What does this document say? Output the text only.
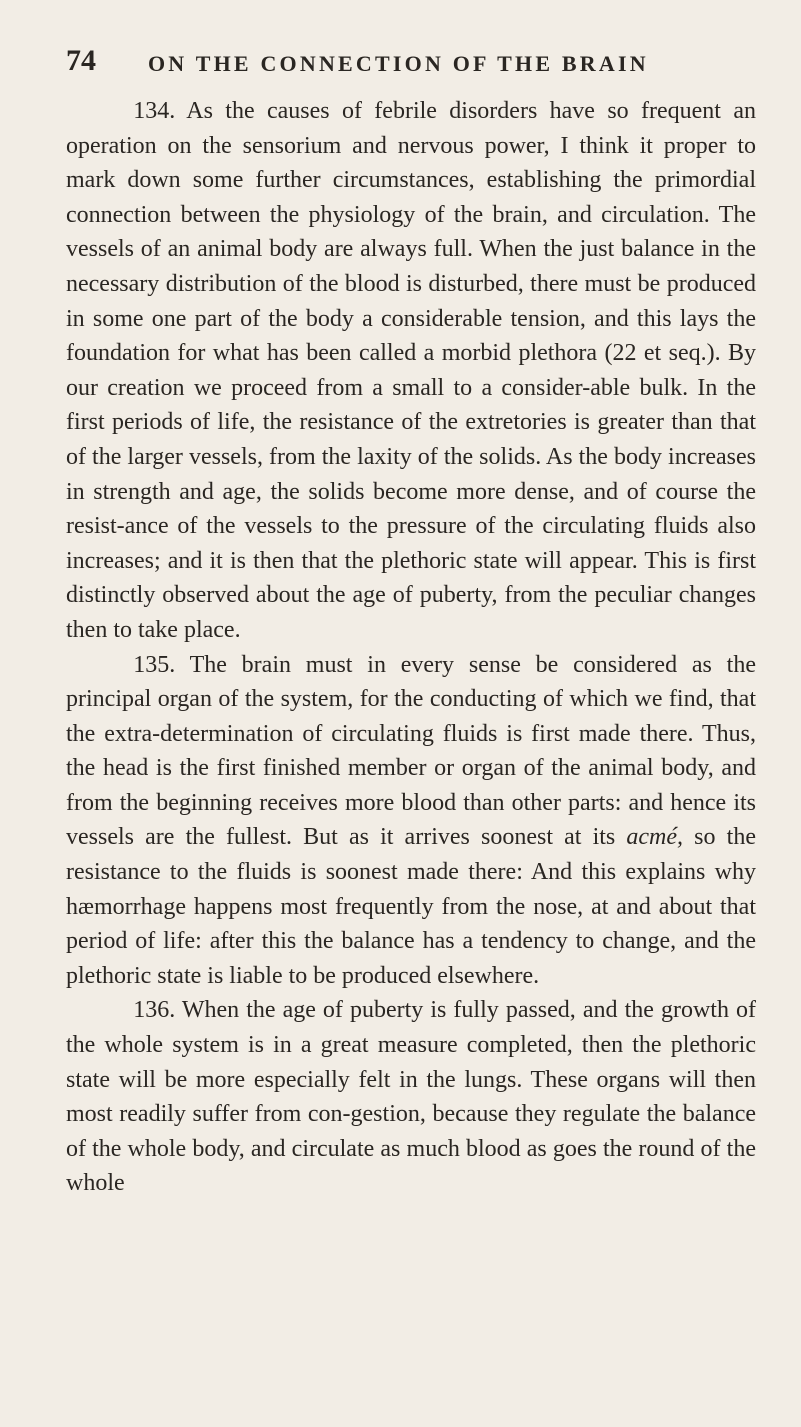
74 ON THE CONNECTION OF THE BRAIN

134. As the causes of febrile disorders have so frequent an operation on the sensorium and nervous power, I think it proper to mark down some further circumstances, establishing the primordial connection between the physiology of the brain, and circulation. The vessels of an animal body are always full. When the just balance in the necessary distribution of the blood is disturbed, there must be produced in some one part of the body a considerable tension, and this lays the foundation for what has been called a morbid plethora (22 et seq.). By our creation we proceed from a small to a consider-able bulk. In the first periods of life, the resistance of the extretories is greater than that of the larger vessels, from the laxity of the solids. As the body increases in strength and age, the solids become more dense, and of course the resist-ance of the vessels to the pressure of the circulating fluids also increases; and it is then that the plethoric state will appear. This is first distinctly observed about the age of puberty, from the peculiar changes then to take place.

135. The brain must in every sense be considered as the principal organ of the system, for the conducting of which we find, that the extra-determination of circulating fluids is first made there. Thus, the head is the first finished member or organ of the animal body, and from the beginning receives more blood than other parts: and hence its vessels are the fullest. But as it arrives soonest at its acmé, so the resistance to the fluids is soonest made there: And this explains why hæmorrhage happens most frequently from the nose, at and about that period of life: after this the balance has a tendency to change, and the plethoric state is liable to be produced elsewhere.

136. When the age of puberty is fully passed, and the growth of the whole system is in a great measure completed, then the plethoric state will be more especially felt in the lungs. These organs will then most readily suffer from con-gestion, because they regulate the balance of the whole body, and circulate as much blood as goes the round of the whole
